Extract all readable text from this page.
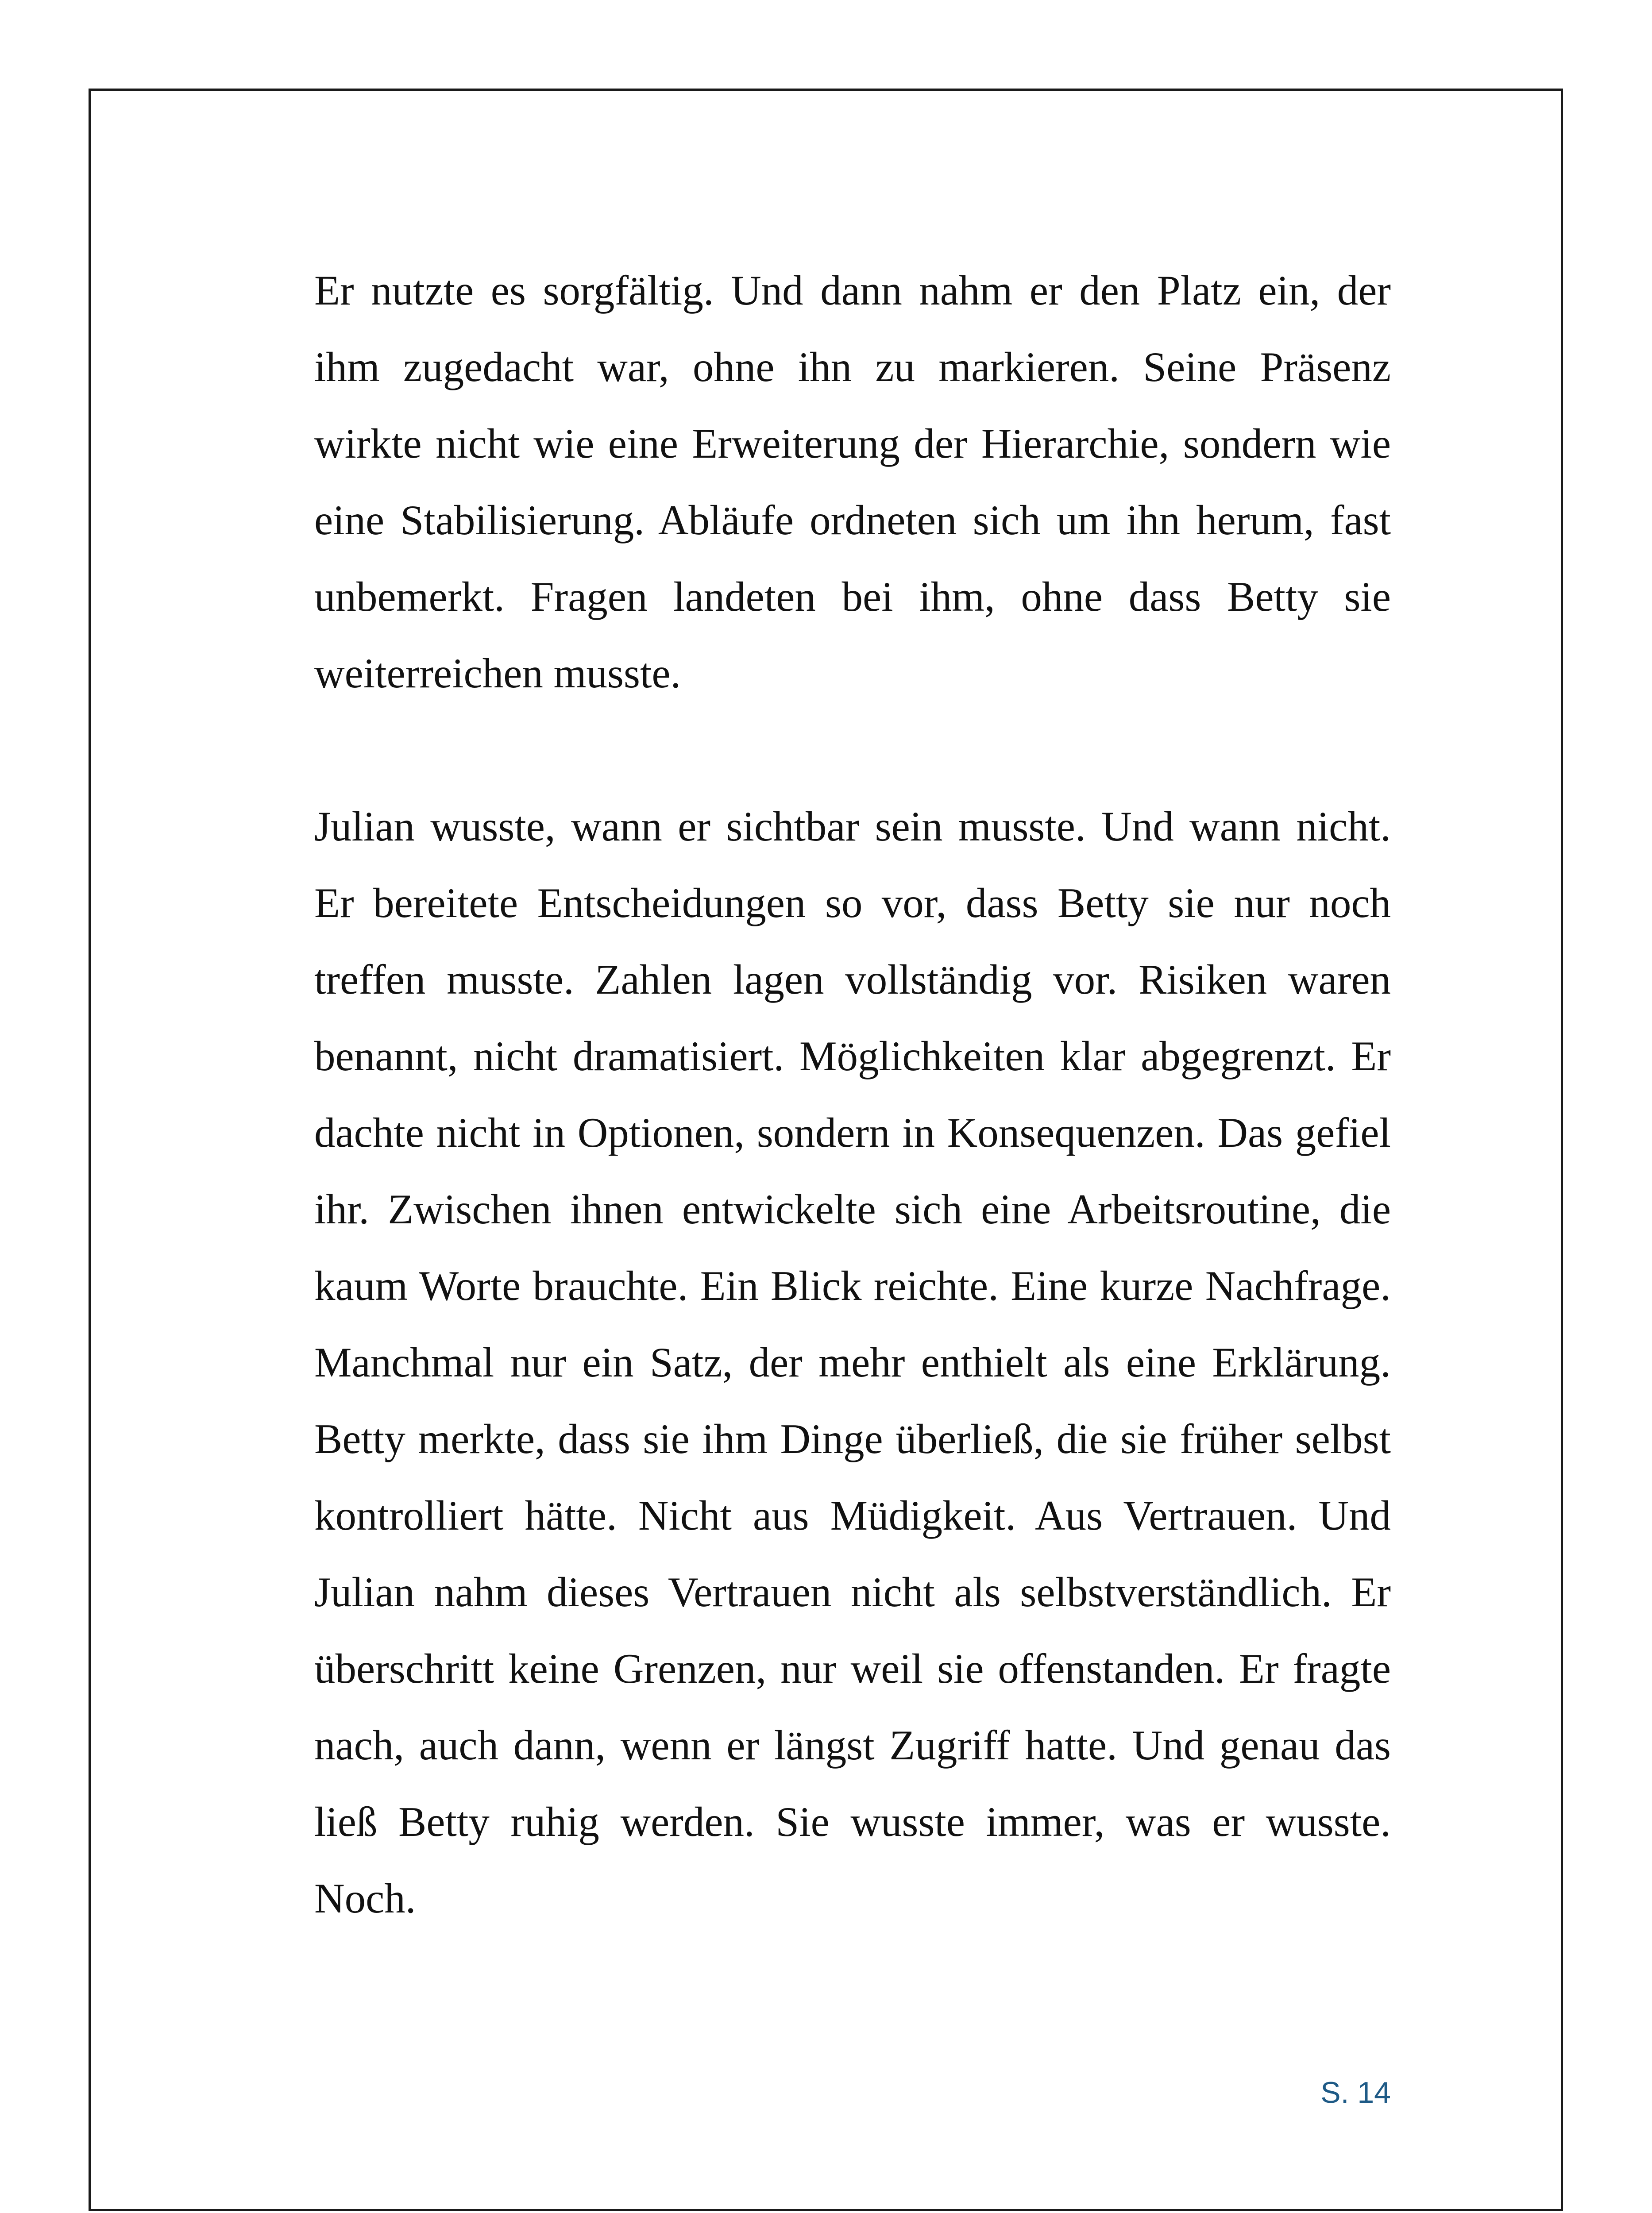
Er nutzte es sorgfältig. Und dann nahm er den Platz ein, der ihm zugedacht war, ohne ihn zu markieren. Seine Präsenz wirkte nicht wie eine Erweiterung der Hierarchie, sondern wie eine Stabilisierung. Abläufe ordneten sich um ihn herum, fast unbemerkt. Fragen landeten bei ihm, ohne dass Betty sie weiterreichen musste.

Julian wusste, wann er sichtbar sein musste. Und wann nicht. Er bereitete Entscheidungen so vor, dass Betty sie nur noch treffen musste. Zahlen lagen vollständig vor. Risiken waren benannt, nicht dramatisiert. Möglichkeiten klar abgegrenzt. Er dachte nicht in Optionen, sondern in Konsequenzen. Das gefiel ihr. Zwischen ihnen entwickelte sich eine Arbeitsroutine, die kaum Worte brauchte. Ein Blick reichte. Eine kurze Nachfrage. Manchmal nur ein Satz, der mehr enthielt als eine Erklärung. Betty merkte, dass sie ihm Dinge überließ, die sie früher selbst kontrolliert hätte. Nicht aus Müdigkeit. Aus Vertrauen. Und Julian nahm dieses Vertrauen nicht als selbstverständlich. Er überschritt keine Grenzen, nur weil sie offenstanden. Er fragte nach, auch dann, wenn er längst Zugriff hatte. Und genau das ließ Betty ruhig werden. Sie wusste immer, was er wusste. Noch.

S. 14
